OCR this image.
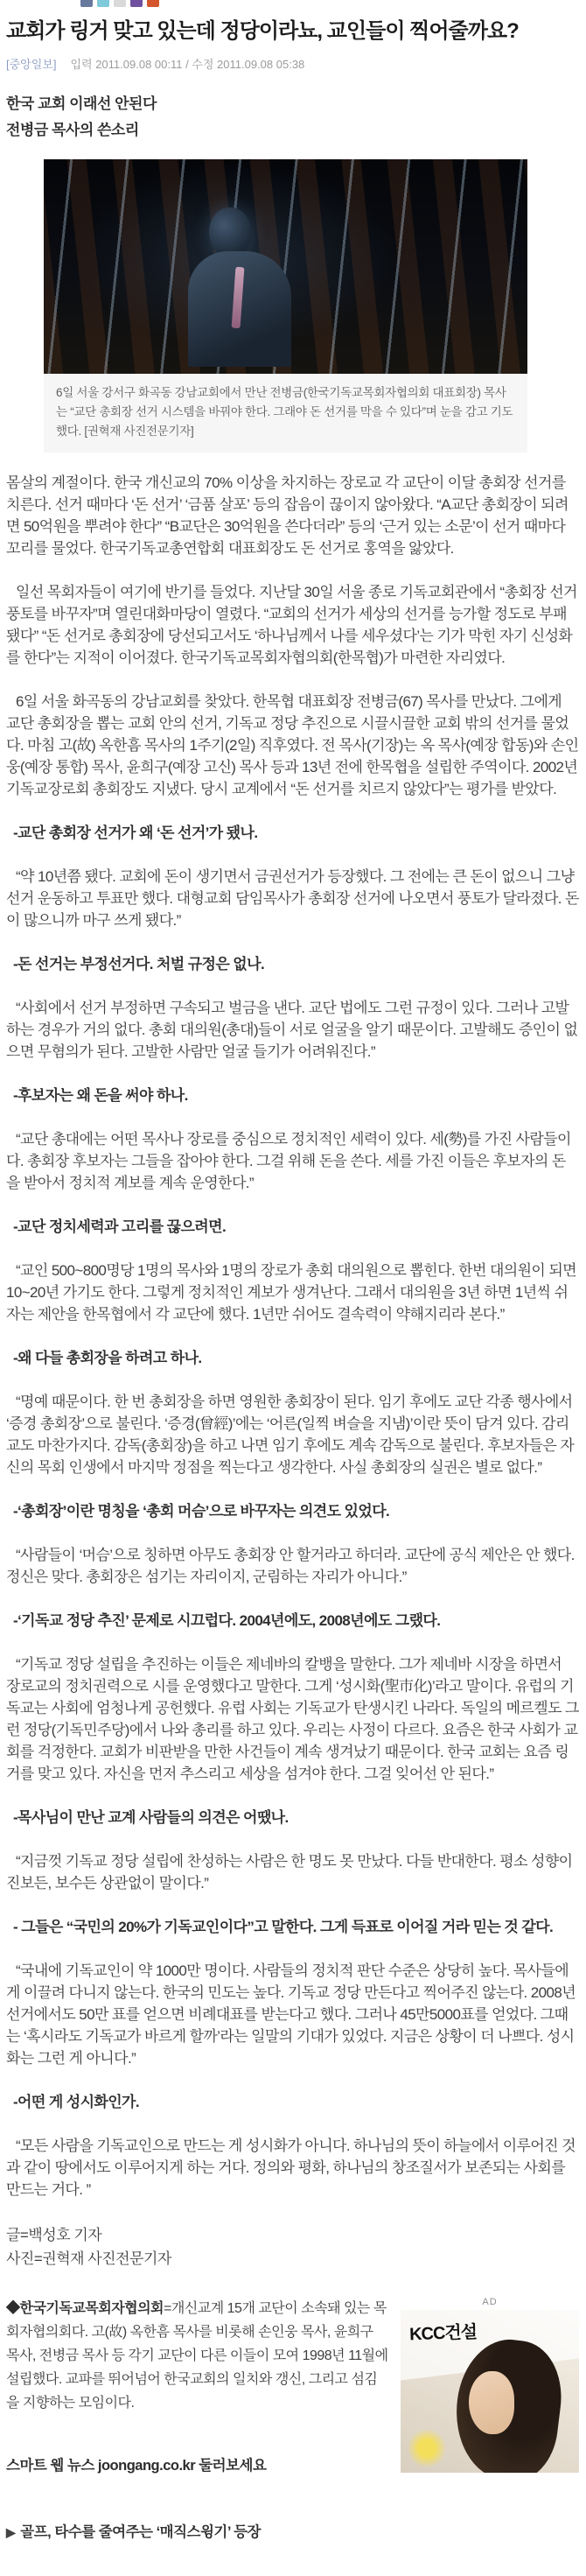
교회가 링거 맞고 있는데 정당이라뇨, 교인들이 찍어줄까요?

[중앙일보] 입력 2011.09.08 00:11 / 수정 2011.09.08 05:38

한국 교회 이래선 안된다

전병금 목사의 쓴소리

6일 서울 강서구 화곡동 강남교회에서 만난 전병금(한국기독교목회자협의회 대표회장) 목사는 “교단 총회장 선거 시스템을 바꿔야 한다. 그래야 돈 선거를 막을 수 있다”며 눈을 감고 기도했다. [권혁재 사진전문기자]

몸살의 계절이다. 한국 개신교의 70% 이상을 차지하는 장로교 각 교단이 이달 총회장 선거를 치른다. 선거 때마다 ‘돈 선거’ ‘금품 살포’ 등의 잡음이 끊이지 않아왔다. “A교단 총회장이 되려면 50억원을 뿌려야 한다” “B교단은 30억원을 쓴다더라” 등의 ‘근거 있는 소문’이 선거 때마다 꼬리를 물었다. 한국기독교총연합회 대표회장도 돈 선거로 홍역을 앓았다.

일선 목회자들이 여기에 반기를 들었다. 지난달 30일 서울 종로 기독교회관에서 “총회장 선거 풍토를 바꾸자”며 열린대화마당이 열렸다. “교회의 선거가 세상의 선거를 능가할 정도로 부패됐다” “돈 선거로 총회장에 당선되고서도 ‘하나님께서 나를 세우셨다’는 기가 막힌 자기 신성화를 한다”는 지적이 이어졌다. 한국기독교목회자협의회(한목협)가 마련한 자리였다.

6일 서울 화곡동의 강남교회를 찾았다. 한목협 대표회장 전병금(67) 목사를 만났다. 그에게 교단 총회장을 뽑는 교회 안의 선거, 기독교 정당 추진으로 시끌시끌한 교회 밖의 선거를 물었다. 마침 고(故) 옥한흠 목사의 1주기(2일) 직후였다. 전 목사(기장)는 옥 목사(예장 합동)와 손인웅(예장 통합) 목사, 윤희구(예장 고신) 목사 등과 13년 전에 한목협을 설립한 주역이다. 2002년 기독교장로회 총회장도 지냈다. 당시 교계에서 “돈 선거를 치르지 않았다”는 평가를 받았다.

-교단 총회장 선거가 왜 ‘돈 선거’가 됐나.

“약 10년쯤 됐다. 교회에 돈이 생기면서 금권선거가 등장했다. 그 전에는 큰 돈이 없으니 그냥 선거 운동하고 투표만 했다. 대형교회 담임목사가 총회장 선거에 나오면서 풍토가 달라졌다. 돈이 많으니까 마구 쓰게 됐다.”

-돈 선거는 부정선거다. 처벌 규정은 없나.

“사회에서 선거 부정하면 구속되고 벌금을 낸다. 교단 법에도 그런 규정이 있다. 그러나 고발하는 경우가 거의 없다. 총회 대의원(총대)들이 서로 얼굴을 알기 때문이다. 고발해도 증인이 없으면 무혐의가 된다. 고발한 사람만 얼굴 들기가 어려워진다.”

-후보자는 왜 돈을 써야 하나.

“교단 총대에는 어떤 목사나 장로를 중심으로 정치적인 세력이 있다. 세(勢)를 가진 사람들이다. 총회장 후보자는 그들을 잡아야 한다. 그걸 위해 돈을 쓴다. 세를 가진 이들은 후보자의 돈을 받아서 정치적 계보를 계속 운영한다.”

-교단 정치세력과 고리를 끊으려면.

“교인 500~800명당 1명의 목사와 1명의 장로가 총회 대의원으로 뽑힌다. 한번 대의원이 되면 10~20년 가기도 한다. 그렇게 정치적인 계보가 생겨난다. 그래서 대의원을 3년 하면 1년씩 쉬자는 제안을 한목협에서 각 교단에 했다. 1년만 쉬어도 결속력이 약해지리라 본다.”

-왜 다들 총회장을 하려고 하나.

“명예 때문이다. 한 번 총회장을 하면 영원한 총회장이 된다. 임기 후에도 교단 각종 행사에서 ‘증경 총회장’으로 불린다. ‘증경(曾經)’에는 ‘어른(일찍 벼슬을 지냄)’이란 뜻이 담겨 있다. 감리교도 마찬가지다. 감독(총회장)을 하고 나면 임기 후에도 계속 감독으로 불린다. 후보자들은 자신의 목회 인생에서 마지막 정점을 찍는다고 생각한다. 사실 총회장의 실권은 별로 없다.”

-‘총회장’이란 명칭을 ‘총회 머슴’으로 바꾸자는 의견도 있었다.

“사람들이 ‘머슴’으로 칭하면 아무도 총회장 안 할거라고 하더라. 교단에 공식 제안은 안 했다. 정신은 맞다. 총회장은 섬기는 자리이지, 군림하는 자리가 아니다.”

-‘기독교 정당 추진’ 문제로 시끄럽다. 2004년에도, 2008년에도 그랬다.

“기독교 정당 설립을 추진하는 이들은 제네바의 칼뱅을 말한다. 그가 제네바 시장을 하면서 장로교의 정치권력으로 시를 운영했다고 말한다. 그게 ‘성시화(聖市化)’라고 말이다. 유럽의 기독교는 사회에 엄청나게 공헌했다. 유럽 사회는 기독교가 탄생시킨 나라다. 독일의 메르켈도 그런 정당(기독민주당)에서 나와 총리를 하고 있다. 우리는 사정이 다르다. 요즘은 한국 사회가 교회를 걱정한다. 교회가 비판받을 만한 사건들이 계속 생겨났기 때문이다. 한국 교회는 요즘 링거를 맞고 있다. 자신을 먼저 추스리고 세상을 섬겨야 한다. 그걸 잊어선 안 된다.”

-목사님이 만난 교계 사람들의 의견은 어땠나.

“지금껏 기독교 정당 설립에 찬성하는 사람은 한 명도 못 만났다. 다들 반대한다. 평소 성향이 진보든, 보수든 상관없이 말이다.”

- 그들은 “국민의 20%가 기독교인이다”고 말한다. 그게 득표로 이어질 거라 믿는 것 같다.

“국내에 기독교인이 약 1000만 명이다. 사람들의 정치적 판단 수준은 상당히 높다. 목사들에게 이끌려 다니지 않는다. 한국의 민도는 높다. 기독교 정당 만든다고 찍어주진 않는다. 2008년 선거에서도 50만 표를 얻으면 비례대표를 받는다고 했다. 그러나 45만5000표를 얻었다. 그때는 ‘혹시라도 기독교가 바르게 할까’라는 일말의 기대가 있었다. 지금은 상황이 더 나쁘다. 성시화는 그런 게 아니다.”

-어떤 게 성시화인가.

“모든 사람을 기독교인으로 만드는 게 성시화가 아니다. 하나님의 뜻이 하늘에서 이루어진 것과 같이 땅에서도 이루어지게 하는 거다. 정의와 평화, 하나님의 창조질서가 보존되는 사회를 만드는 거다. ”

글=백성호 기자

사진=권혁재 사진전문기자

AD
KCC건설

◆한국기독교목회자협의회=개신교계 15개 교단이 소속돼 있는 목회자협의회다. 고(故) 옥한흠 목사를 비롯해 손인웅 목사, 윤희구 목사, 전병금 목사 등 각기 교단이 다른 이들이 모여 1998년 11월에 설립했다. 교파를 뛰어넘어 한국교회의 일치와 갱신, 그리고 섬김을 지향하는 모임이다.

스마트 웹 뉴스 joongang.co.kr 둘러보세요

▶ 골프, 타수를 줄여주는 ‘매직스윙기’ 등장
